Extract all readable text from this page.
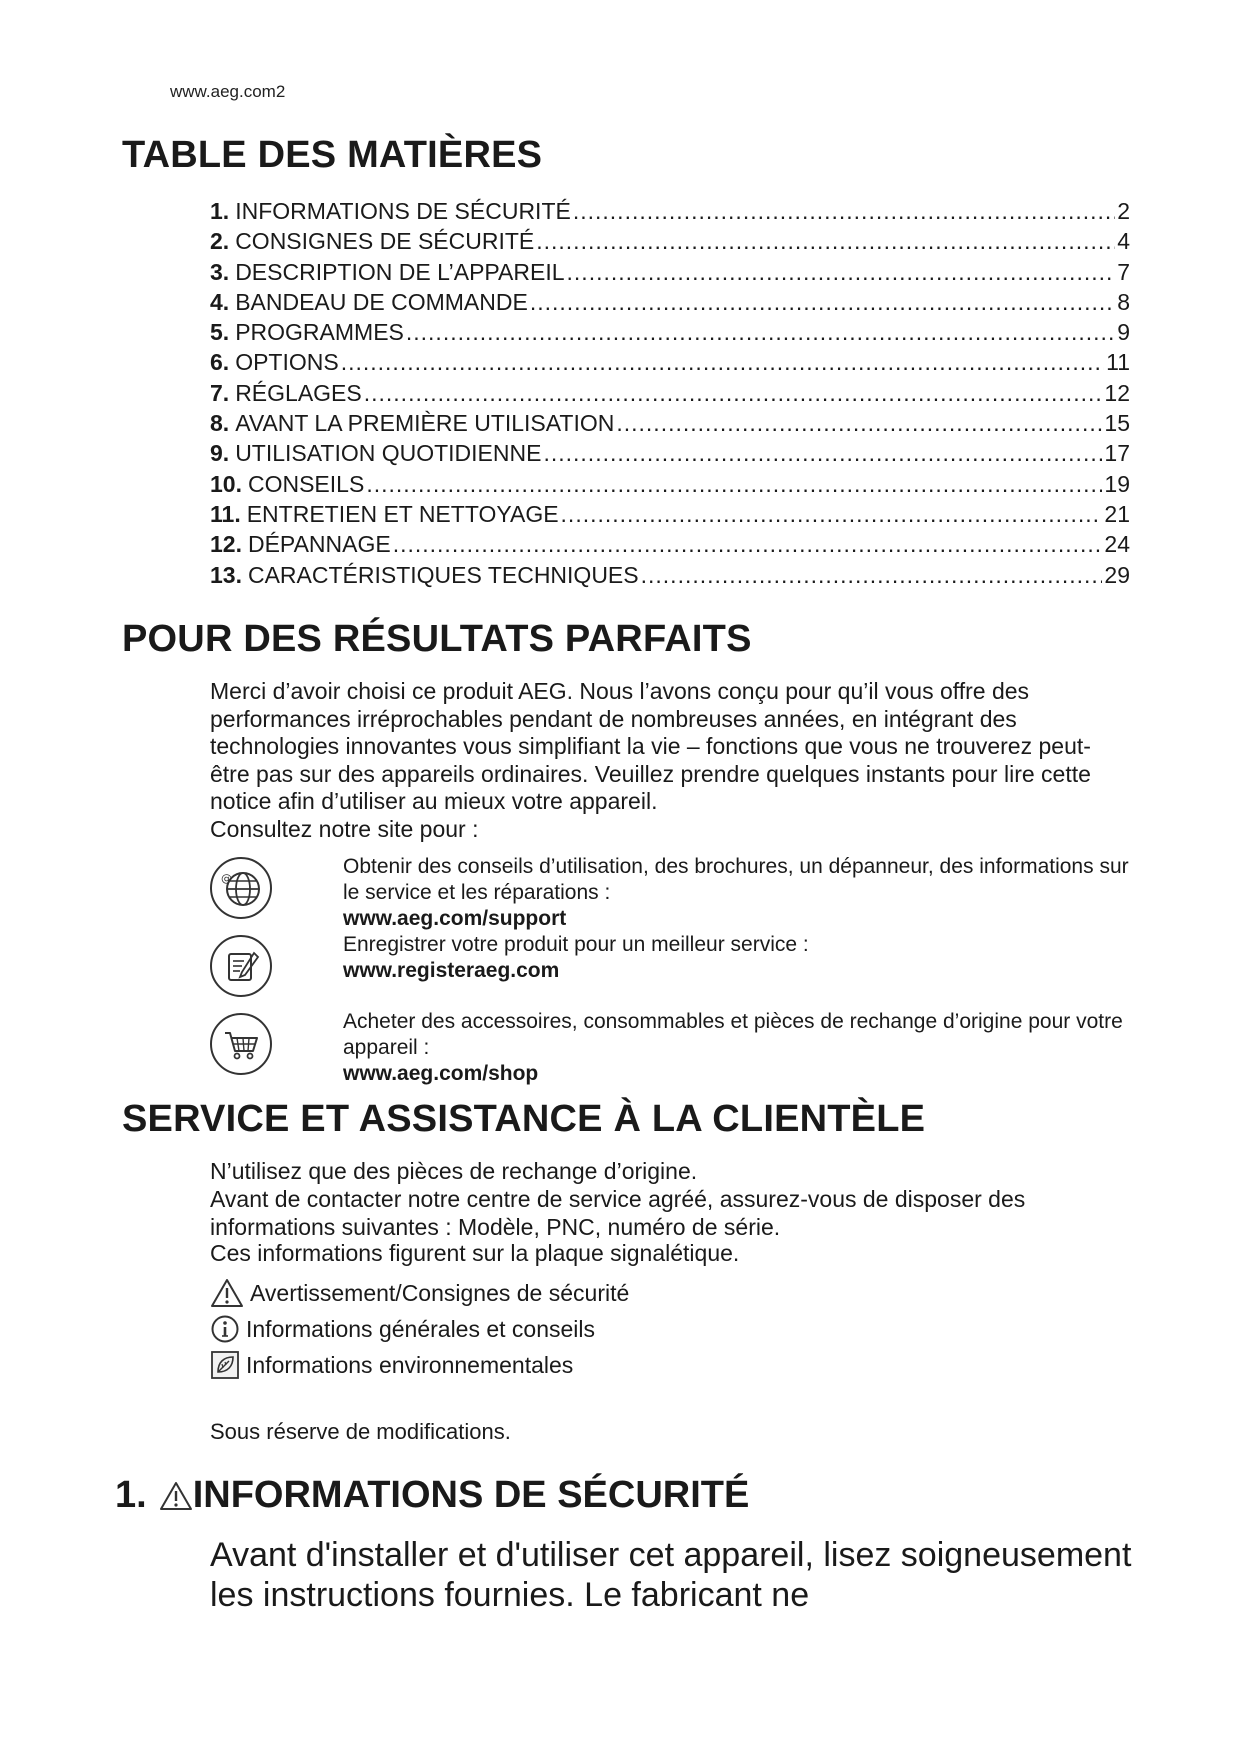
www.aeg.com2
TABLE DES MATIÈRES
1. INFORMATIONS DE SÉCURITÉ .....	2
2. CONSIGNES DE SÉCURITÉ .....	4
3. DESCRIPTION DE L’APPAREIL .....	7
4. BANDEAU DE COMMANDE .....	8
5. PROGRAMMES .....	9
6. OPTIONS .....	11
7. RÉGLAGES .....	12
8. AVANT LA PREMIÈRE UTILISATION .....	15
9. UTILISATION QUOTIDIENNE .....	17
10. CONSEILS .....	19
11. ENTRETIEN ET NETTOYAGE .....	21
12. DÉPANNAGE .....	24
13. CARACTÉRISTIQUES TECHNIQUES .....	29
POUR DES RÉSULTATS PARFAITS

Merci d’avoir choisi ce produit AEG. Nous l’avons conçu pour qu’il vous offre des performances irréprochables pendant de nombreuses années, en intégrant des technologies innovantes vous simplifiant la vie – fonctions que vous ne trouverez peut-être pas sur des appareils ordinaires. Veuillez prendre quelques instants pour lire cette notice afin d’utiliser au mieux votre appareil.

Consultez notre site pour :

@
Obtenir des conseils d’utilisation, des brochures, un dépanneur, des informations sur le service et les réparations :
www.aeg.com/support
Enregistrer votre produit pour un meilleur service :
www.registeraeg.com
Acheter des accessoires, consommables et pièces de rechange d’origine pour votre appareil :
www.aeg.com/shop
SERVICE ET ASSISTANCE À LA CLIENTÈLE

N’utilisez que des pièces de rechange d’origine.

Avant de contacter notre centre de service agréé, assurez-vous de disposer des informations suivantes : Modèle, PNC, numéro de série.

Ces informations figurent sur la plaque signalétique.

Avertissement/Consignes de sécurité
Informations générales et conseils
Informations environnementales

Sous réserve de modifications.

1. INFORMATIONS DE SÉCURITÉ

Avant d'installer et d'utiliser cet appareil, lisez soigneusement les instructions fournies. Le fabricant ne
